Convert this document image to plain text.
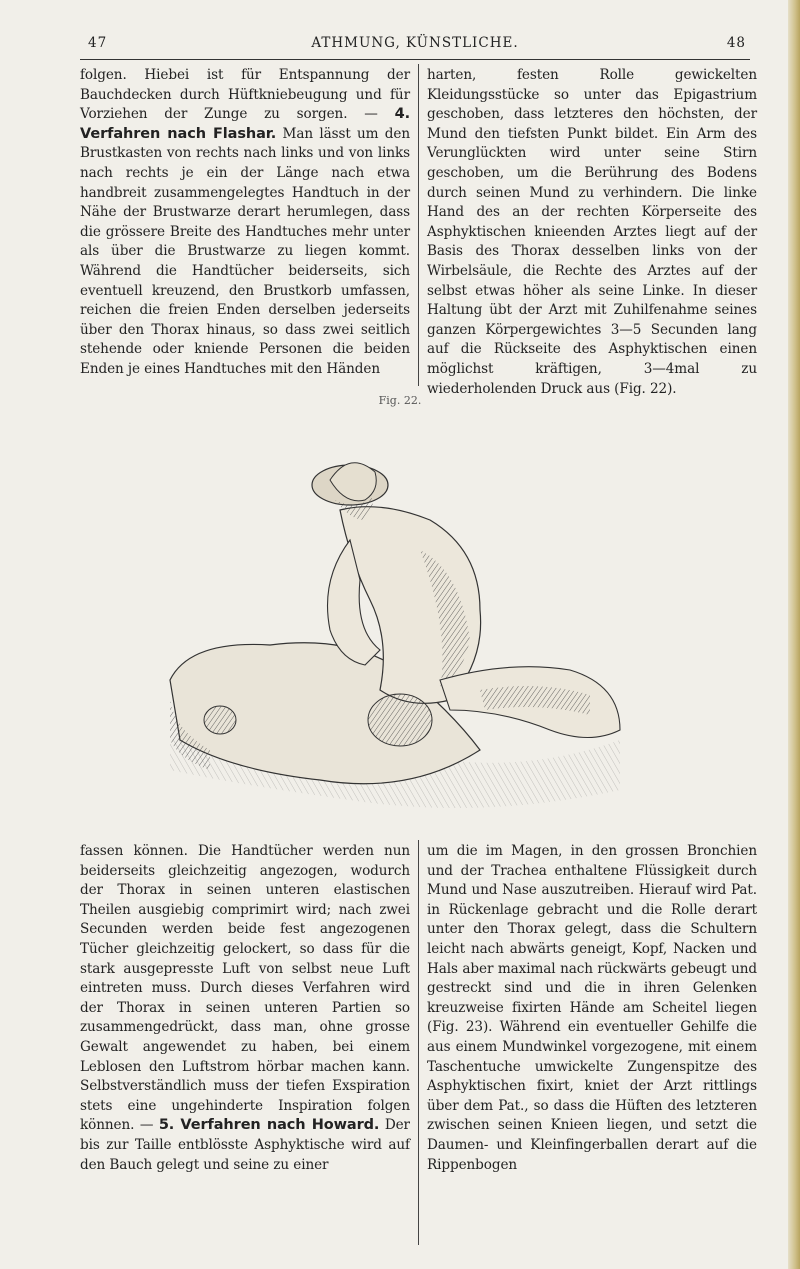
47	ATHMUNG, KÜNSTLICHE.	48
folgen. Hiebei ist für Entspannung der Bauchdecken durch Hüftkniebeugung und für Vorziehen der Zunge zu sorgen. — 4. Verfahren nach Flashar. Man lässt um den Brustkasten von rechts nach links und von links nach rechts je ein der Länge nach etwa handbreit zusammengelegtes Handtuch in der Nähe der Brustwarze derart herumlegen, dass die grössere Breite des Handtuches mehr unter als über die Brustwarze zu liegen kommt. Während die Handtücher beiderseits, sich eventuell kreuzend, den Brustkorb umfassen, reichen die freien Enden derselben jederseits über den Thorax hinaus, so dass zwei seitlich stehende oder kniende Personen die beiden Enden je eines Handtuches mit den Händen
harten, festen Rolle gewickelten Kleidungsstücke so unter das Epigastrium geschoben, dass letzteres den höchsten, der Mund den tiefsten Punkt bildet. Ein Arm des Verunglückten wird unter seine Stirn geschoben, um die Berührung des Bodens durch seinen Mund zu verhindern. Die linke Hand des an der rechten Körperseite des Asphyktischen knieenden Arztes liegt auf der Basis des Thorax desselben links von der Wirbelsäule, die Rechte des Arztes auf der selbst etwas höher als seine Linke. In dieser Haltung übt der Arzt mit Zuhilfenahme seines ganzen Körpergewichtes 3—5 Secunden lang auf die Rückseite des Asphyktischen einen möglichst kräftigen, 3—4mal zu wiederholenden Druck aus (Fig. 22).
Fig. 22.
fassen können. Die Handtücher werden nun beiderseits gleichzeitig angezogen, wodurch der Thorax in seinen unteren elastischen Theilen ausgiebig comprimirt wird; nach zwei Secunden werden beide fest angezogenen Tücher gleichzeitig gelockert, so dass für die stark ausgepresste Luft von selbst neue Luft eintreten muss. Durch dieses Verfahren wird der Thorax in seinen unteren Partien so zusammengedrückt, dass man, ohne grosse Gewalt angewendet zu haben, bei einem Leblosen den Luftstrom hörbar machen kann. Selbstverständlich muss der tiefen Exspiration stets eine ungehinderte Inspiration folgen können. — 5. Verfahren nach Howard. Der bis zur Taille entblösste Asphyktische wird auf den Bauch gelegt und seine zu einer
um die im Magen, in den grossen Bronchien und der Trachea enthaltene Flüssigkeit durch Mund und Nase auszutreiben. Hierauf wird Pat. in Rückenlage gebracht und die Rolle derart unter den Thorax gelegt, dass die Schultern leicht nach abwärts geneigt, Kopf, Nacken und Hals aber maximal nach rückwärts gebeugt und gestreckt sind und die in ihren Gelenken kreuzweise fixirten Hände am Scheitel liegen (Fig. 23). Während ein eventueller Gehilfe die aus einem Mundwinkel vorgezogene, mit einem Taschentuche umwickelte Zungenspitze des Asphyktischen fixirt, kniet der Arzt rittlings über dem Pat., so dass die Hüften des letzteren zwischen seinen Knieen liegen, und setzt die Daumen- und Kleinfingerballen derart auf die Rippenbogen
